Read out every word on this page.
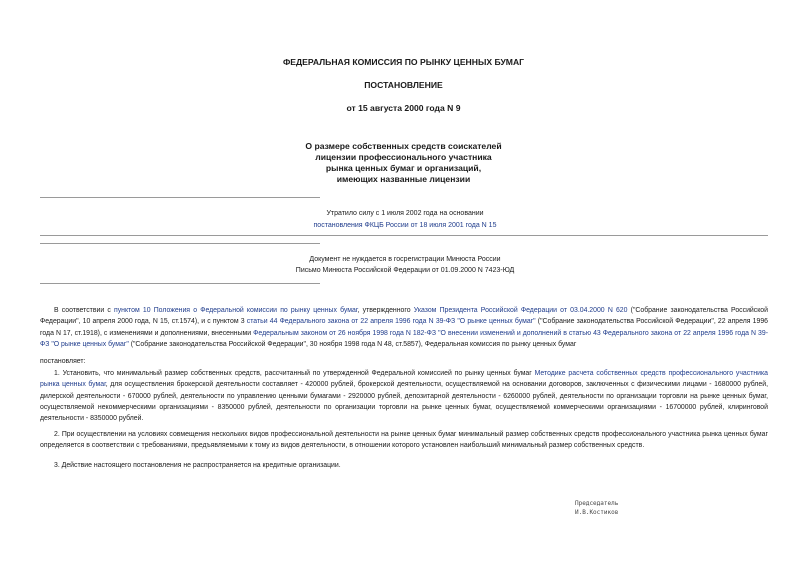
ФЕДЕРАЛЬНАЯ КОМИССИЯ ПО РЫНКУ ЦЕННЫХ БУМАГ
ПОСТАНОВЛЕНИЕ
от 15 августа 2000 года N 9
О размере собственных средств соискателей
лицензии профессионального участника
рынка ценных бумаг и организаций,
имеющих названные лицензии
Утратило силу с 1 июля 2002 года на основании
постановления ФКЦБ России от 18 июля 2001 года N 15
Документ не нуждается в госрегистрации Минюста России
Письмо Минюста Российской Федерации от 01.09.2000 N 7423-ЮД
В соответствии с пунктом 10 Положения о Федеральной комиссии по рынку ценных бумаг, утвержденного Указом Президента Российской Федерации от 03.04.2000 N 620 ("Собрание законодательства Российской Федерации", 10 апреля 2000 года, N 15, ст.1574), и с пунктом 3 статьи 44 Федерального закона от 22 апреля 1996 года N 39-ФЗ "О рынке ценных бумаг" ("Собрание законодательства Российской Федерации", 22 апреля 1996 года N 17, ст.1918), с изменениями и дополнениями, внесенными Федеральным законом от 26 ноября 1998 года N 182-ФЗ "О внесении изменений и дополнений в статью 43 Федерального закона от 22 апреля 1996 года N 39-ФЗ "О рынке ценных бумаг" ("Собрание законодательства Российской Федерации", 30 ноября 1998 года N 48, ст.5857), Федеральная комиссия по рынку ценных бумаг
постановляет:
1. Установить, что минимальный размер собственных средств, рассчитанный по утвержденной Федеральной комиссией по рынку ценных бумаг Методике расчета собственных средств профессионального участника рынка ценных бумаг, для осуществления брокерской деятельности составляет - 420000 рублей, брокерской деятельности, осуществляемой на основании договоров, заключенных с физическими лицами - 1680000 рублей, дилерской деятельности - 670000 рублей, деятельности по управлению ценными бумагами - 2920000 рублей, депозитарной деятельности - 6260000 рублей, деятельности по организации торговли на рынке ценных бумаг, осуществляемой некоммерческими организациями - 8350000 рублей, деятельности по организации торговли на рынке ценных бумаг, осуществляемой коммерческими организациями - 16700000 рублей, клиринговой деятельности - 8350000 рублей.
2. При осуществлении на условиях совмещения нескольких видов профессиональной деятельности на рынке ценных бумаг минимальный размер собственных средств профессионального участника рынка ценных бумаг определяется в соответствии с требованиями, предъявляемыми к тому из видов деятельности, в отношении которого установлен наибольший минимальный размер собственных средств.
3. Действие настоящего постановления не распространяется на кредитные организации.
Председатель
И.В.Костиков
